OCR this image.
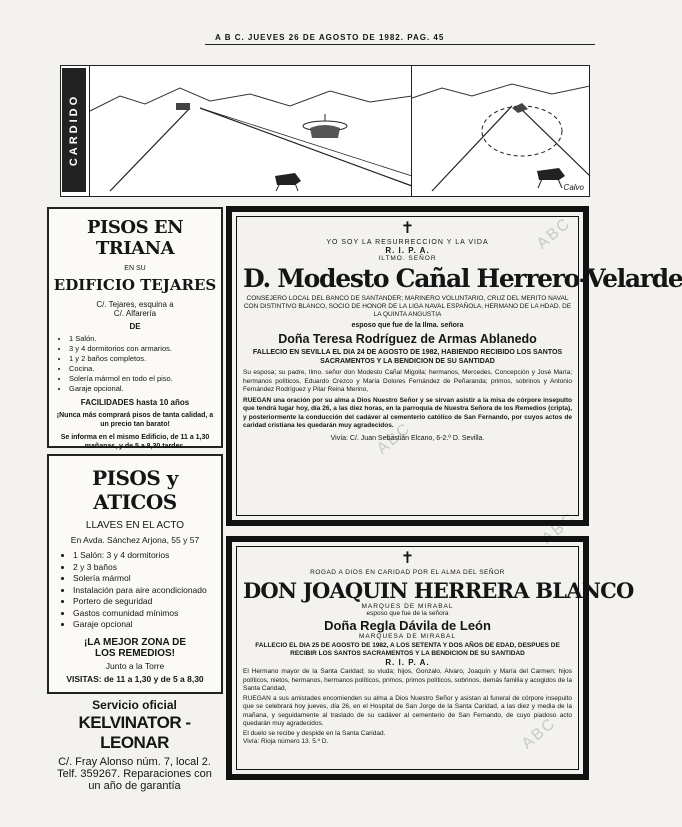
A B C. JUEVES 26 DE AGOSTO DE 1982. PAG. 45
ABC
ABC
ABC
ABC
Calvo
CARDIDO
PISOS EN TRIANA
EN SU
EDIFICIO TEJARES
C/. Tejares, esquina a
C/. Alfarería
DE
• 1 Salón.
• 3 y 4 dormitorios con armarios.
• 1 y 2 baños completos.
• Cocina.
• Solería mármol en todo el piso.
• Garaje opcional.
FACILIDADES hasta 10 años
¡Nunca más comprará pisos de tanta calidad, a un precio tan barato!
Se informa en el mismo Edificio, de 11 a 1,30 mañanas, y de 5 a 8,30 tardes.
PISOS y ATICOS
LLAVES EN EL ACTO
En Avda. Sánchez Arjona, 55 y 57
• 1 Salón: 3 y 4 dormitorios
• 2 y 3 baños
• Solería mármol
• Instalación para aire acondicionado
• Portero de seguridad
• Gastos comunidad mínimos
• Garaje opcional
¡LA MEJOR ZONA DE
LOS REMEDIOS!
Junto a la Torre
VISITAS: de 11 a 1,30 y de 5 a 8,30
Servicio oficial
KELVINATOR - LEONAR
C/. Fray Alonso núm. 7, local 2.
Telf. 359267. Reparaciones con
un año de garantía
✝
YO SOY LA RESURRECCION Y LA VIDA
R. I. P. A.
ILTMO. SEÑOR
D. Modesto Cañal Herrero-Velarde
CONSEJERO LOCAL DEL BANCO DE SANTANDER; MARINERO VOLUNTARIO, CRUZ DEL MERITO NAVAL CON DISTINTIVO BLANCO, SOCIO DE HONOR DE LA LIGA NAVAL ESPAÑOLA, HERMANO DE LA HDAD. DE LA QUINTA ANGUSTIA
esposo que fue de la Ilma. señora
Doña Teresa Rodríguez de Armas Ablanedo
FALLECIO EN SEVILLA EL DIA 24 DE AGOSTO DE 1982, HABIENDO RECIBIDO LOS SANTOS SACRAMENTOS Y LA BENDICION DE SU SANTIDAD
Su esposa; su padre, Ilmo. señor don Modesto Cañal Migolla; hermanos, Mercedes, Concepción y José María; hermanos políticos, Eduardo Crezco y María Dolores Fernández de Peñaranda; primos, sobrinos y Antonio Fernández Rodríguez y Pilar Reina Merino,
RUEGAN una oración por su alma a Dios Nuestro Señor y se sirvan asistir a la misa de córpore insepulto que tendrá lugar hoy, día 26, a las diez horas, en la parroquia de Nuestra Señora de los Remedios (cripta), y posteriormente la conducción del cadáver al cementerio católico de San Fernando, por cuyos actos de caridad cristiana les quedarán muy agradecidos.
Vivía: C/. Juan Sebastián Elcano, 6-2.º D. Sevilla.
✝
ROGAD A DIOS EN CARIDAD POR EL ALMA DEL SEÑOR
DON JOAQUIN HERRERA BLANCO
MARQUES DE MIRABAL
esposo que fue de la señora
Doña Regla Dávila de León
MARQUESA DE MIRABAL
FALLECIO EL DIA 25 DE AGOSTO DE 1982, A LOS SETENTA Y DOS AÑOS DE EDAD, DESPUES DE RECIBIR LOS SANTOS SACRAMENTOS Y LA BENDICION DE SU SANTIDAD
R. I. P. A.
El Hermano mayor de la Santa Caridad; su viuda; hijos, Gonzalo, Alvaro, Joaquín y María del Carmen; hijos políticos, nietos, hermanos, hermanos políticos, primos, primos políticos, sobrinos, demás familia y acogidos de la Santa Caridad,
RUEGAN a sus amistades encomienden su alma a Dios Nuestro Señor y asistan al funeral de córpore insepulto que se celebrará hoy jueves, día 26, en el Hospital de San Jorge de la Santa Caridad, a las diez y media de la mañana, y seguidamente al traslado de su cadáver al cementerio de San Fernando, de cuyo piadoso acto quedarán muy agradecidos.
El duelo se recibe y despide en la Santa Caridad.
Vivía: Rioja número 13. 5.º D.
